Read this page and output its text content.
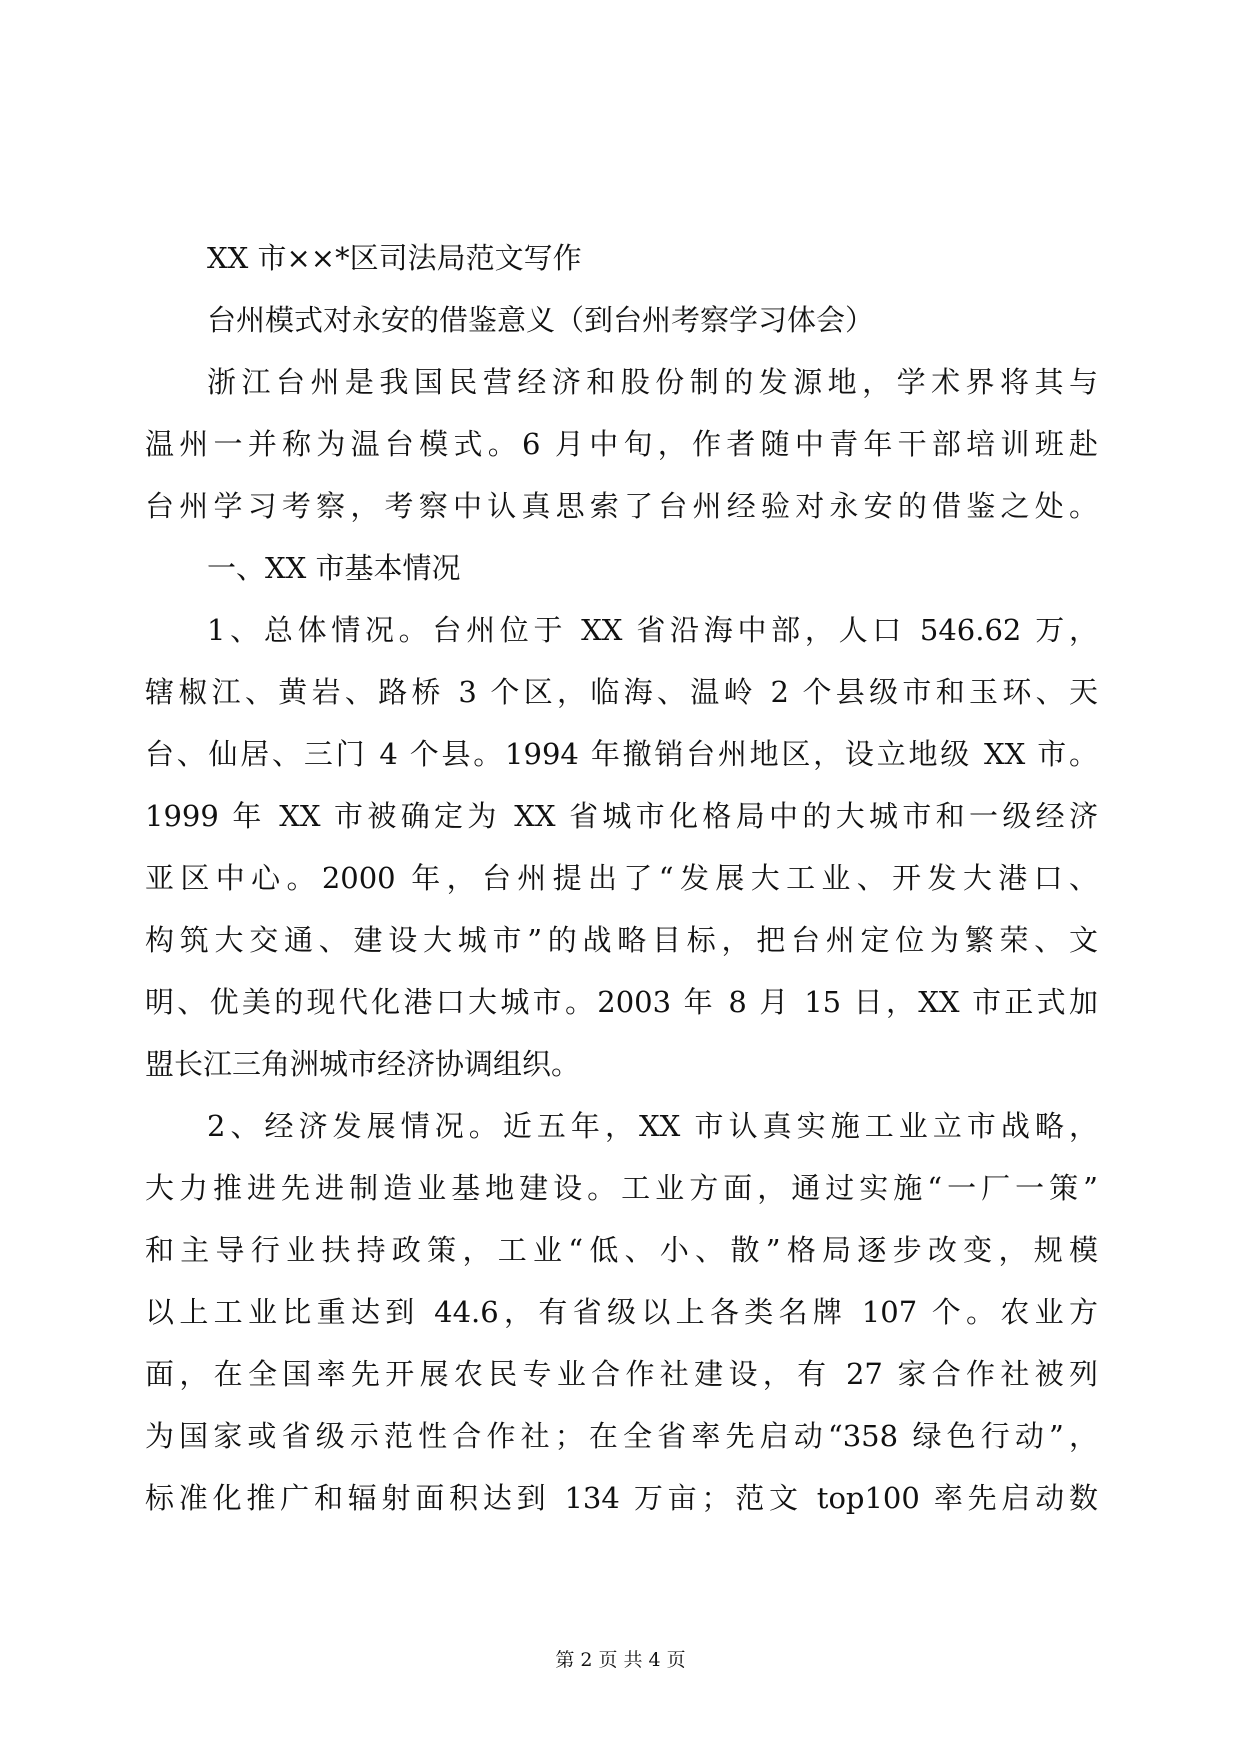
XX 市××*区司法局范文写作
台州模式对永安的借鉴意义（到台州考察学习体会）
浙江台州是我国民营经济和股份制的发源地，学术界将其与
温州一并称为温台模式。6 月中旬，作者随中青年干部培训班赴
台州学习考察，考察中认真思索了台州经验对永安的借鉴之处。
一、XX 市基本情况
1、总体情况。台州位于 XX 省沿海中部，人口 546.62 万，
辖椒江、黄岩、路桥 3 个区，临海、温岭 2 个县级市和玉环、天
台、仙居、三门 4 个县。1994 年撤销台州地区，设立地级 XX 市。
1999 年 XX 市被确定为 XX 省城市化格局中的大城市和一级经济
亚区中心。2000 年，台州提出了“发展大工业、开发大港口、
构筑大交通、建设大城市”的战略目标，把台州定位为繁荣、文
明、优美的现代化港口大城市。2003 年 8 月 15 日，XX 市正式加
盟长江三角洲城市经济协调组织。
2、经济发展情况。近五年，XX 市认真实施工业立市战略，
大力推进先进制造业基地建设。工业方面，通过实施“一厂一策”
和主导行业扶持政策，工业“低、小、散”格局逐步改变，规模
以上工业比重达到 44.6，有省级以上各类名牌 107 个。农业方
面，在全国率先开展农民专业合作社建设，有 27 家合作社被列
为国家或省级示范性合作社；在全省率先启动“358 绿色行动”，
标准化推广和辐射面积达到 134 万亩；范文 top100 率先启动数
第 2 页 共 4 页
